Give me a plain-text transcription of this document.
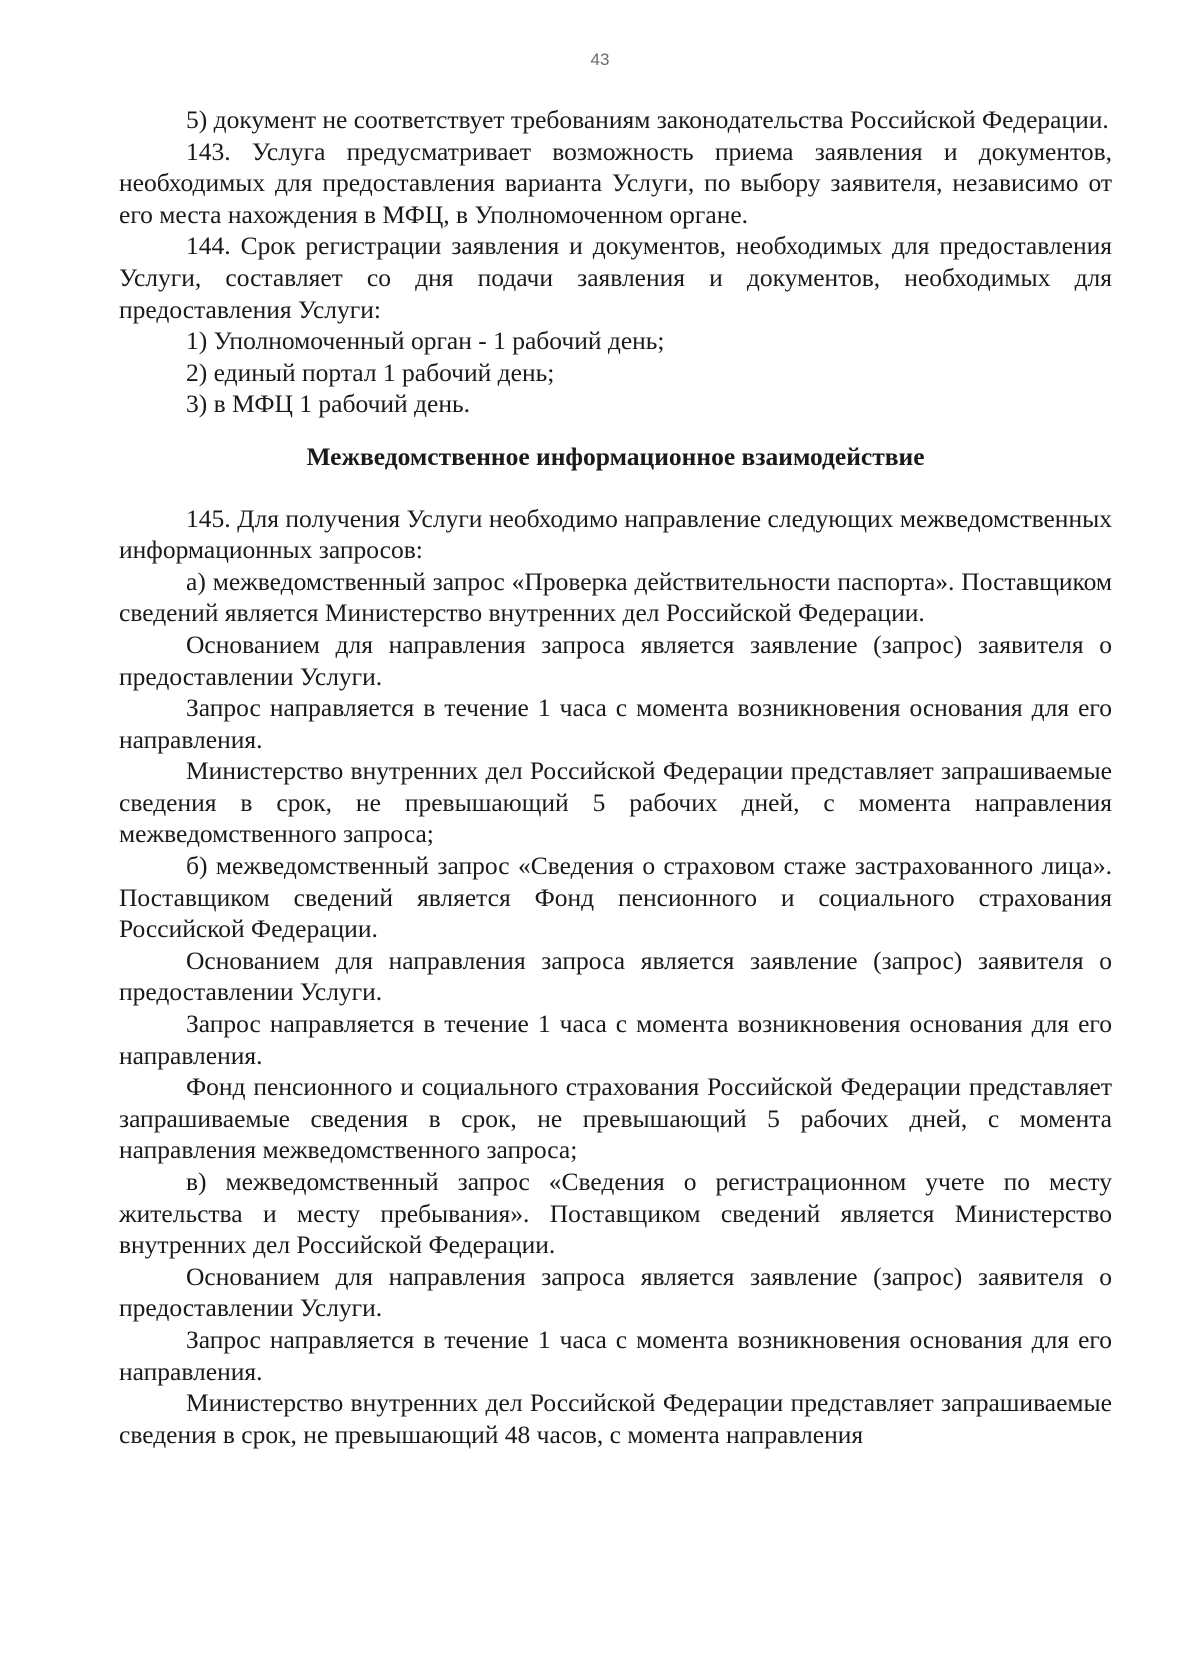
43

5) документ не соответствует требованиям законодательства Российской Федерации.

143. Услуга предусматривает возможность приема заявления и документов, необходимых для предоставления варианта Услуги, по выбору заявителя, независимо от его места нахождения в МФЦ, в Уполномоченном органе.

144. Срок регистрации заявления и документов, необходимых для предоставления Услуги, составляет со дня подачи заявления и документов, необходимых для предоставления Услуги:

1) Уполномоченный орган - 1 рабочий день;

2) единый портал 1 рабочий день;

3) в МФЦ 1 рабочий день.

Межведомственное информационное взаимодействие

145. Для получения Услуги необходимо направление следующих межведомственных информационных запросов:

а) межведомственный запрос «Проверка действительности паспорта». Поставщиком сведений является Министерство внутренних дел Российской Федерации.

Основанием для направления запроса является заявление (запрос) заявителя о предоставлении Услуги.

Запрос направляется в течение 1 часа с момента возникновения основания для его направления.

Министерство внутренних дел Российской Федерации представляет запрашиваемые сведения в срок, не превышающий 5 рабочих дней, с момента направления межведомственного запроса;

б) межведомственный запрос «Сведения о страховом стаже застрахованного лица». Поставщиком сведений является Фонд пенсионного и социального страхования Российской Федерации.

Основанием для направления запроса является заявление (запрос) заявителя о предоставлении Услуги.

Запрос направляется в течение 1 часа с момента возникновения основания для его направления.

Фонд пенсионного и социального страхования Российской Федерации представляет запрашиваемые сведения в срок, не превышающий 5 рабочих дней, с момента направления межведомственного запроса;

в) межведомственный запрос «Сведения о регистрационном учете по месту жительства и месту пребывания». Поставщиком сведений является Министерство внутренних дел Российской Федерации.

Основанием для направления запроса является заявление (запрос) заявителя о предоставлении Услуги.

Запрос направляется в течение 1 часа с момента возникновения основания для его направления.

Министерство внутренних дел Российской Федерации представляет запрашиваемые сведения в срок, не превышающий 48 часов, с момента направления
